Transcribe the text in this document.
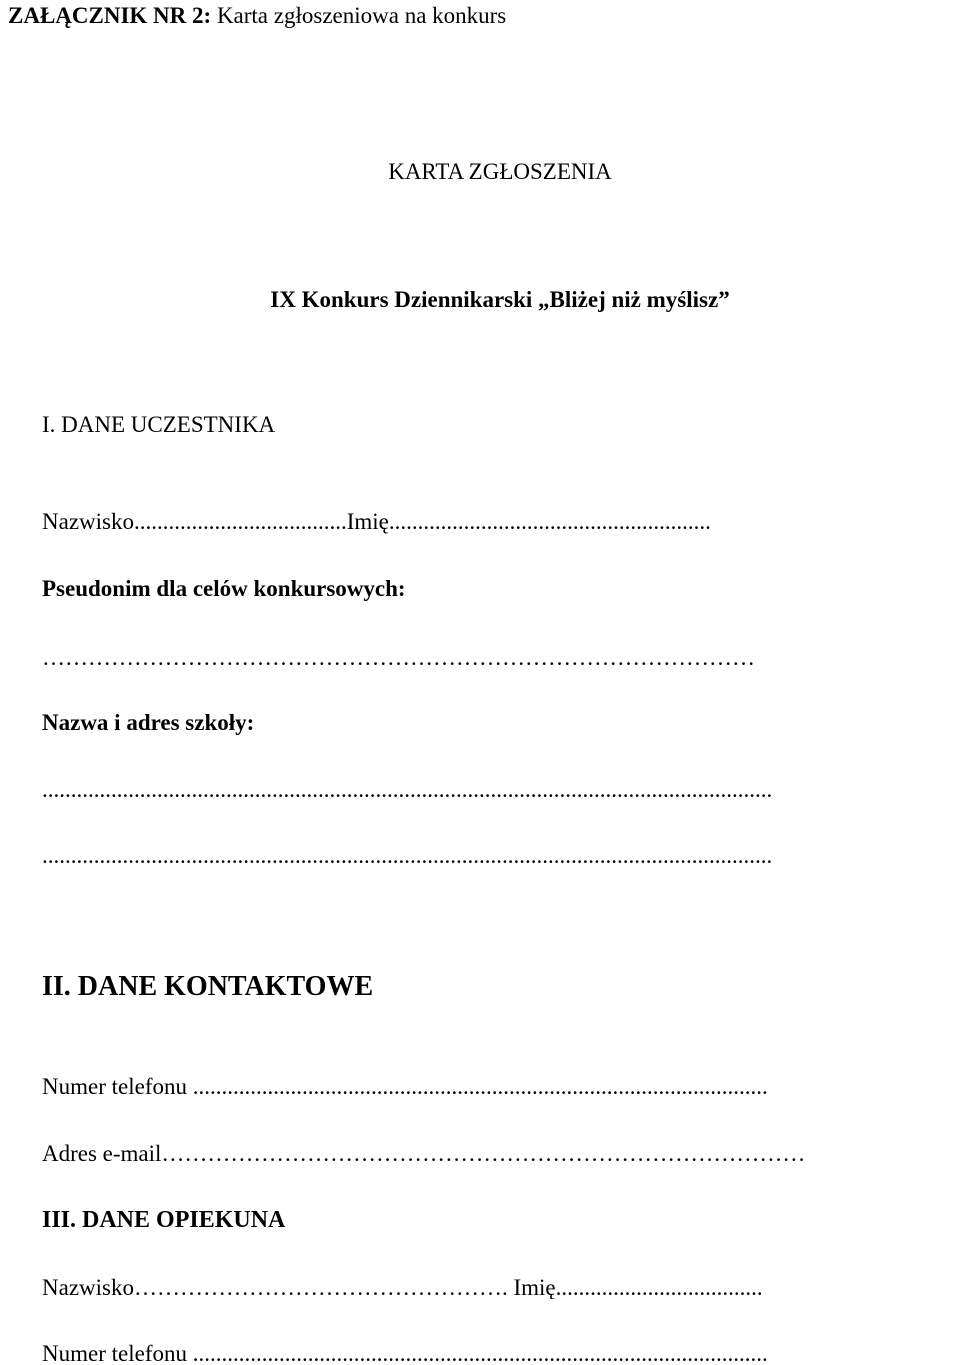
ZAŁĄCZNIK NR 2: Karta zgłoszeniowa na konkurs
KARTA ZGŁOSZENIA
IX Konkurs Dziennikarski „Bliżej niż myślisz”
I. DANE UCZESTNIKA
Nazwisko.....................................Imię........................................................
Pseudonim dla celów konkursowych:
…………………………………………………………………………………
Nazwa i adres szkoły:
...............................................................................................................................
...............................................................................................................................
II. DANE KONTAKTOWE
Numer telefonu ....................................................................................................
Adres e-mail…………………………………………………………………………
III. DANE OPIEKUNA
Nazwisko…………………………………………. Imię....................................
Numer telefonu ....................................................................................................
